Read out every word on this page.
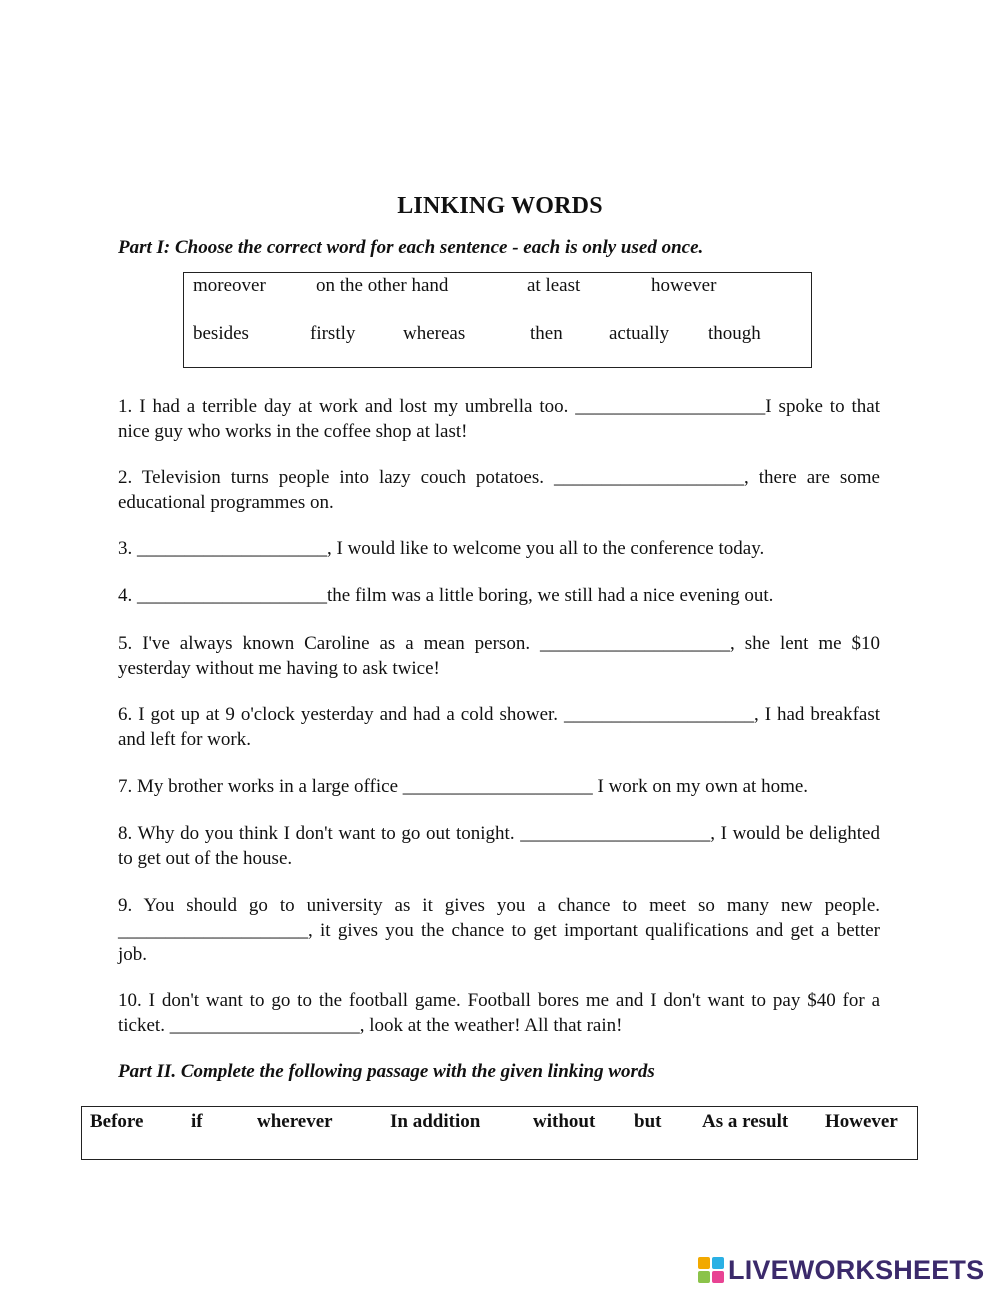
LINKING WORDS
Part I: Choose the correct word for each sentence - each is only used once.
moreover	on the other hand	at least	however
besides	firstly	whereas	then actually though
1. I had a terrible day at work and lost my umbrella too. ____________________I spoke to that nice guy who works in the coffee shop at last!
2. Television turns people into lazy couch potatoes. ____________________, there are some educational programmes on.
3. ____________________, I would like to welcome you all to the conference today.
4. ____________________the film was a little boring, we still had a nice evening out.
5. I've always known Caroline as a mean person. ____________________, she lent me $10 yesterday without me having to ask twice!
6. I got up at 9 o'clock yesterday and had a cold shower. ____________________, I had breakfast and left for work.
7. My brother works in a large office ____________________ I work on my own at home.
8. Why do you think I don't want to go out tonight. ____________________, I would be delighted to get out of the house.
9. You should go to university as it gives you a chance to meet so many new people. ____________________, it gives you the chance to get important qualifications and get a better job.
10. I don't want to go to the football game. Football bores me and I don't want to pay $40 for a ticket. ____________________, look at the weather! All that rain!
Part II. Complete the following passage with the given linking words
Before	if	wherever	In addition	without but As a result However
LIVEWORKSHEETS
